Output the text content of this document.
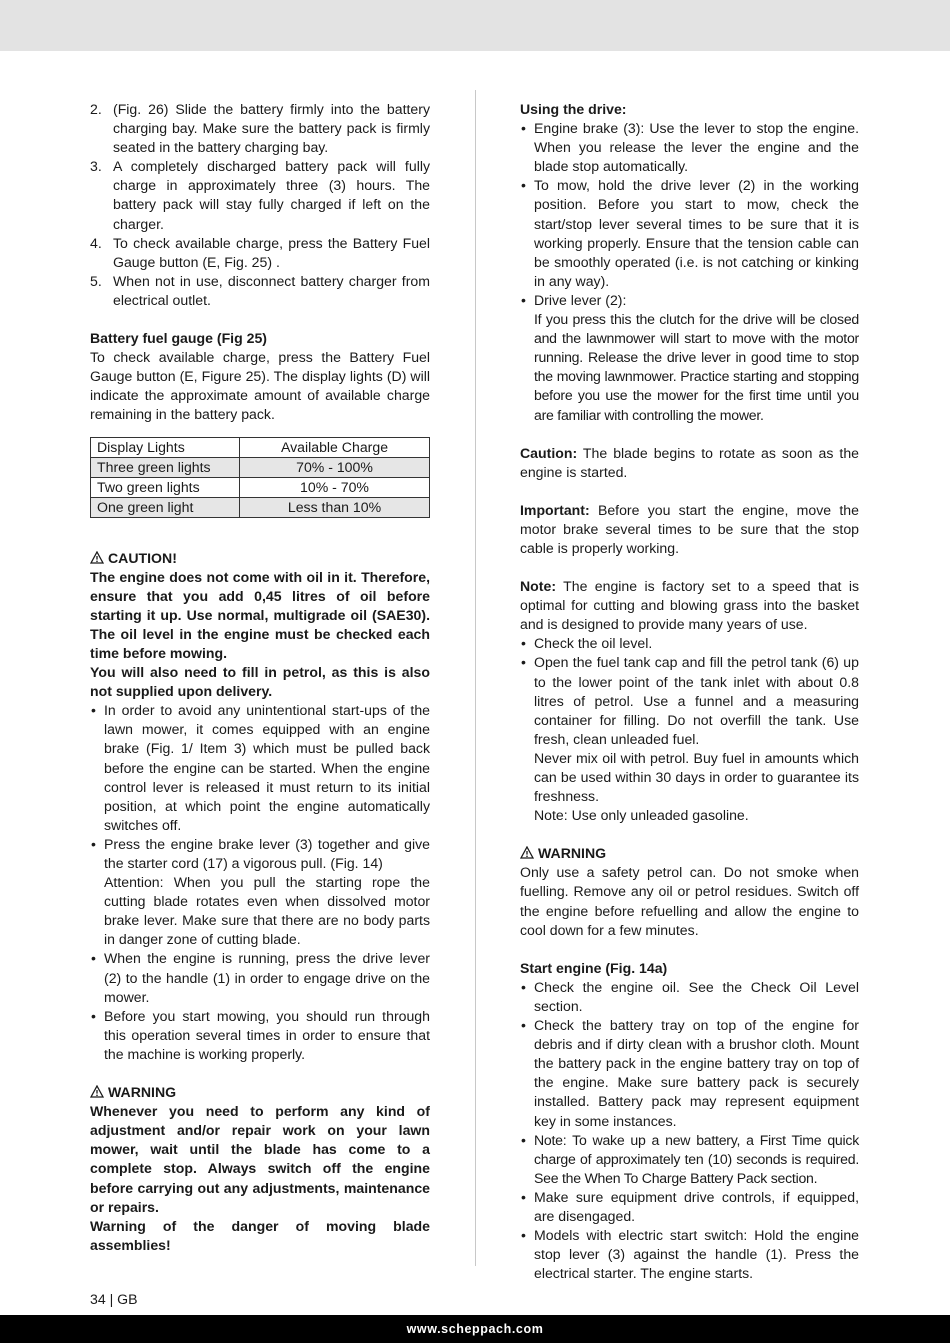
2. (Fig. 26) Slide the battery firmly into the battery charging bay. Make sure the battery pack is firmly seated in the battery charging bay.
3. A completely discharged battery pack will fully charge in approximately three (3) hours. The battery pack will stay fully charged if left on the charger.
4. To check available charge, press the Battery Fuel Gauge button (E, Fig. 25) .
5. When not in use, disconnect battery charger from electrical outlet.

Battery fuel gauge (Fig 25)

To check available charge, press the Battery Fuel Gauge button (E, Figure 25). The display lights (D) will indicate the approximate amount of available charge remaining in the battery pack.

Display Lights	Available Charge
Three green lights	70% - 100%
Two green lights	10% - 70%
One green light	Less than 10%

CAUTION!

The engine does not come with oil in it. Therefore, ensure that you add 0,45 litres of oil before starting it up. Use normal, multigrade oil (SAE30). The oil level in the engine must be checked each time before mowing.

You will also need to fill in petrol, as this is also not supplied upon delivery.

• In order to avoid any unintentional start-ups of the lawn mower, it comes equipped with an engine brake (Fig. 1/ Item 3) which must be pulled back before the engine can be started. When the engine control lever is released it must return to its initial position, at which point the engine automatically switches off.
• Press the engine brake lever (3) together and give the starter cord (17) a vigorous pull. (Fig. 14)
Attention: When you pull the starting rope the cutting blade rotates even when dissolved motor brake lever. Make sure that there are no body parts in danger zone of cutting blade.
• When the engine is running, press the drive lever (2) to the handle (1) in order to engage drive on the mower.
• Before you start mowing, you should run through this operation several times in order to ensure that the machine is working properly.

WARNING

Whenever you need to perform any kind of adjustment and/or repair work on your lawn mower, wait until the blade has come to a complete stop. Always switch off the engine before carrying out any adjustments, maintenance or repairs.

Warning of the danger of moving blade assemblies!

Using the drive:

• Engine brake (3): Use the lever to stop the engine. When you release the lever the engine and the blade stop automatically.
• To mow, hold the drive lever (2) in the working position. Before you start to mow, check the start/stop lever several times to be sure that it is working properly. Ensure that the tension cable can be smoothly operated (i.e. is not catching or kinking in any way).
• Drive lever (2):
If you press this the clutch for the drive will be closed and the lawnmower will start to move with the motor running. Release the drive lever in good time to stop the moving lawnmower. Practice starting and stopping before you use the mower for the first time until you are familiar with controlling the mower.

Caution: The blade begins to rotate as soon as the engine is started.

Important: Before you start the engine, move the motor brake several times to be sure that the stop cable is properly working.

Note: The engine is factory set to a speed that is optimal for cutting and blowing grass into the basket and is designed to provide many years of use.

• Check the oil level.
• Open the fuel tank cap and fill the petrol tank (6) up to the lower point of the tank inlet with about 0.8 litres of petrol. Use a funnel and a measuring container for filling. Do not overfill the tank. Use fresh, clean unleaded fuel.
Never mix oil with petrol. Buy fuel in amounts which can be used within 30 days in order to guarantee its freshness.
Note: Use only unleaded gasoline.

WARNING

Only use a safety petrol can. Do not smoke when fuelling. Remove any oil or petrol residues. Switch off the engine before refuelling and allow the engine to cool down for a few minutes.

Start engine (Fig. 14a)

• Check the engine oil. See the Check Oil Level section.
• Check the battery tray on top of the engine for debris and if dirty clean with a brushor cloth. Mount the battery pack in the engine battery tray on top of the engine. Make sure battery pack is securely installed. Battery pack may represent equipment key in some instances.
• Note: To wake up a new battery, a First Time quick charge of approximately ten (10) seconds is required. See the When To Charge Battery Pack section.
• Make sure equipment drive controls, if equipped, are disengaged.
• Models with electric start switch: Hold the engine stop lever (3) against the handle (1). Press the electrical starter. The engine starts.
34 | GB
www.scheppach.com
